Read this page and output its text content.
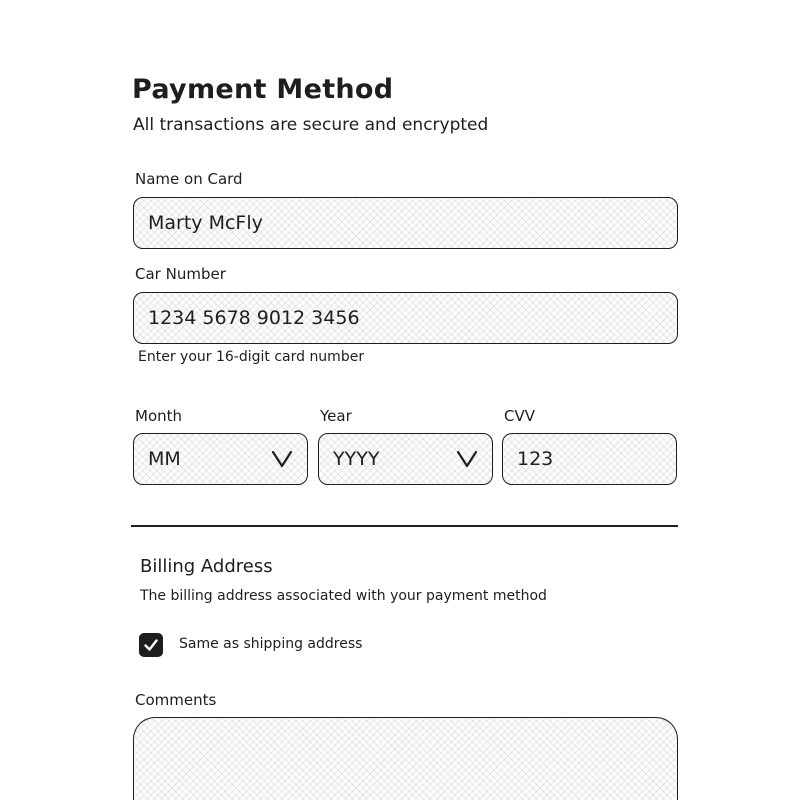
Payment Method
All transactions are secure and encrypted
Name on Card
Marty McFly
Car Number
1234 5678 9012 3456
Enter your 16-digit card number
Month
MM
Year
YYYY
CVV
123
Billing Address
The billing address associated with your payment method
Same as shipping address
Comments
